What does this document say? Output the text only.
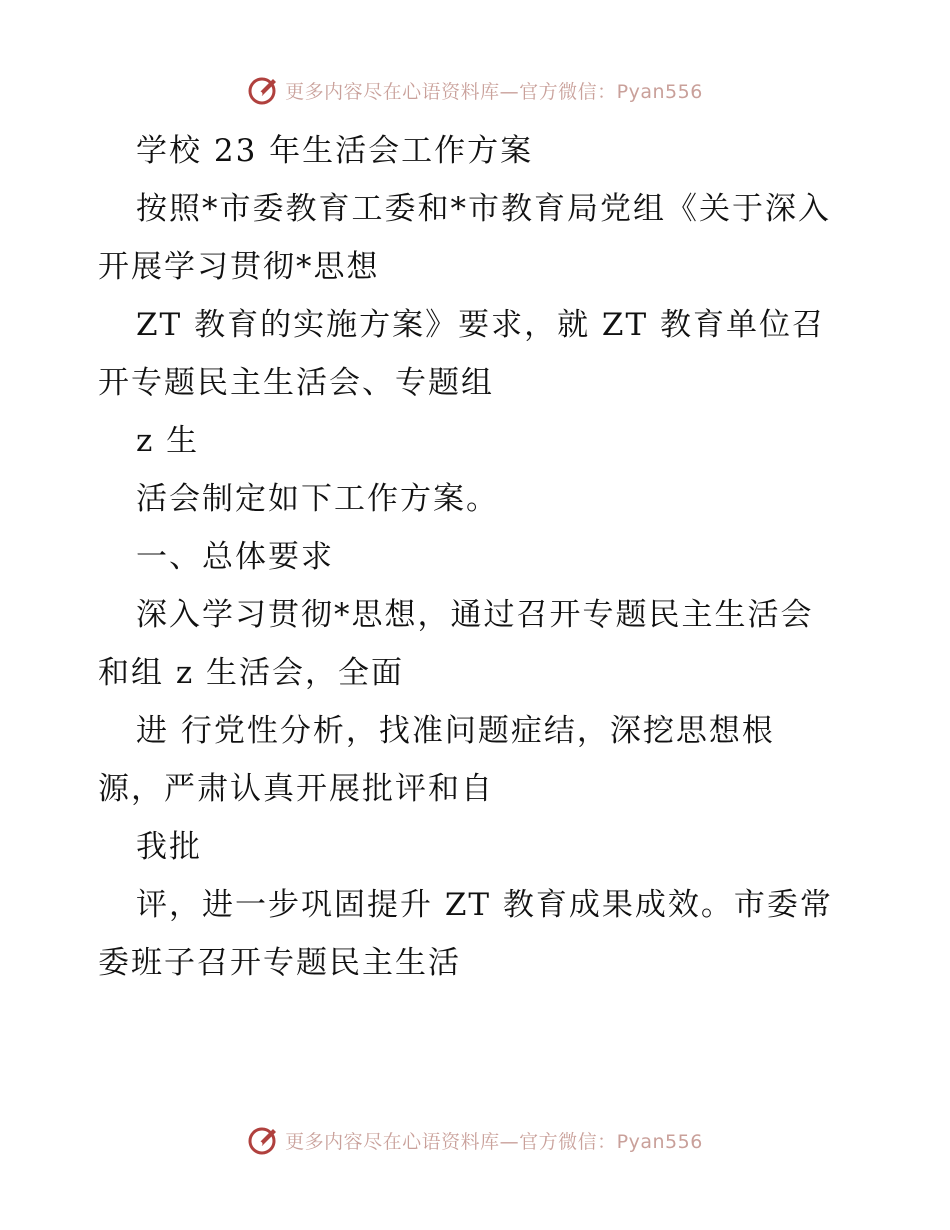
更多内容尽在心语资料库—官方微信：Pyan556
学校 23 年生活会工作方案
按照*市委教育工委和*市教育局党组《关于深入
开展学习贯彻*思想
ZT 教育的实施方案》要求，就 ZT 教育单位召
开专题民主生活会、专题组
z 生
活会制定如下工作方案。
一、总体要求
深入学习贯彻*思想，通过召开专题民主生活会
和组 z 生活会，全面
进 行党性分析，找准问题症结，深挖思想根
源，严肃认真开展批评和自
我批
评，进一步巩固提升 ZT 教育成果成效。市委常
委班子召开专题民主生活
更多内容尽在心语资料库—官方微信：Pyan556
